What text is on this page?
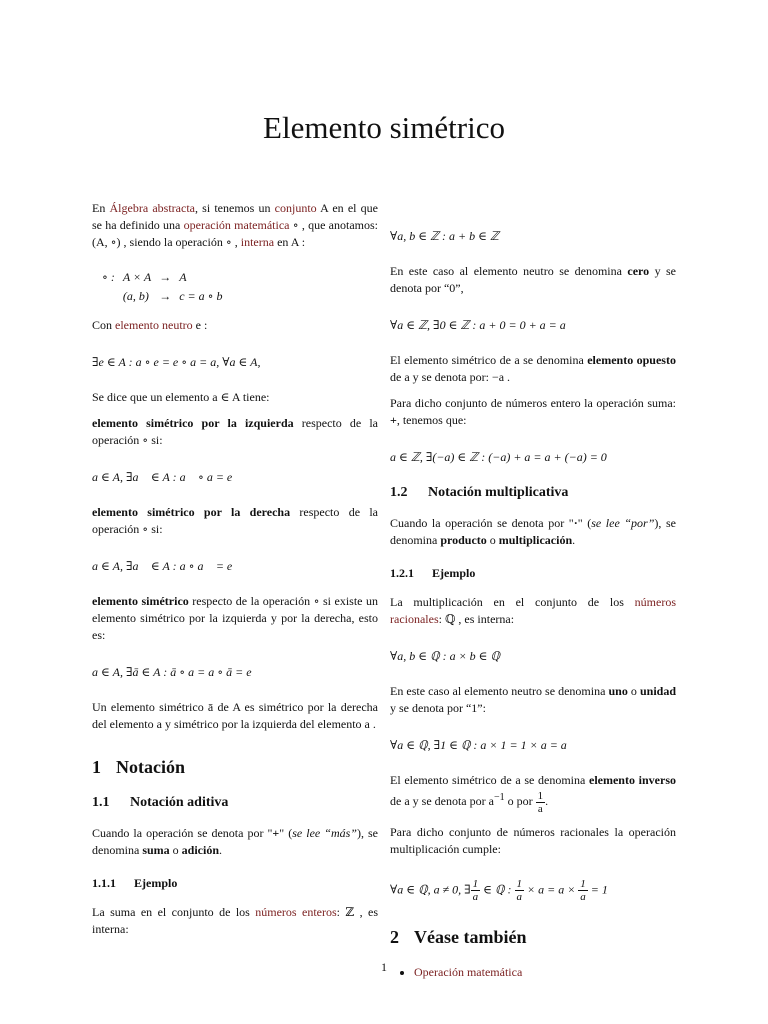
Elemento simétrico

En Álgebra abstracta, si tenemos un conjunto A en el que se ha definido una operación matemática ∘ , que anotamos: (A, ∘) , siendo la operación ∘ , interna en A :

∘ :	A × A	→	A
	(a, b)	→	c = a ∘ b

Con elemento neutro e :

∃e ∈ A : a ∘ e = e ∘ a = a, ∀a ∈ A,

Se dice que un elemento a ∈ A tiene:

elemento simétrico por la izquierda respecto de la operación ∘ si:

a ∈ A, ∃a⃗ ∈ A : a⃗ ∘ a = e

elemento simétrico por la derecha respecto de la operación ∘ si:

a ∈ A, ∃a⃖ ∈ A : a ∘ a⃖ = e

elemento simétrico respecto de la operación ∘ si existe un elemento simétrico por la izquierda y por la derecha, esto es:

a ∈ A, ∃ā ∈ A : ā ∘ a = a ∘ ā = e

Un elemento simétrico ā de A es simétrico por la derecha del elemento a y simétrico por la izquierda del elemento a .

1 Notación
1.1 Notación aditiva

Cuando la operación se denota por "+" (se lee “más”), se denomina suma o adición.

1.1.1 Ejemplo

La suma en el conjunto de los números enteros: ℤ , es interna:

∀a, b ∈ ℤ : a + b ∈ ℤ

En este caso al elemento neutro se denomina cero y se denota por “0”,

∀a ∈ ℤ, ∃0 ∈ ℤ : a + 0 = 0 + a = a

El elemento simétrico de a se denomina elemento opuesto de a y se denota por: −a .

Para dicho conjunto de números entero la operación suma: +, tenemos que:

a ∈ ℤ, ∃(−a) ∈ ℤ : (−a) + a = a + (−a) = 0
1.2 Notación multiplicativa

Cuando la operación se denota por "·" (se lee “por”), se denomina producto o multiplicación.

1.2.1 Ejemplo

La multiplicación en el conjunto de los números racionales: ℚ , es interna:

∀a, b ∈ ℚ : a × b ∈ ℚ

En este caso al elemento neutro se denomina uno o unidad y se denota por “1”:

∀a ∈ ℚ, ∃1 ∈ ℚ : a × 1 = 1 × a = a

El elemento simétrico de a se denomina elemento inverso de a y se denota por $a^{-1}$ o por $\frac{1}{a}$ .

Para dicho conjunto de números racionales la operación multiplicación cumple:

∀a ∈ ℚ, a ≠ 0, ∃ $\frac{1}{a}$ ∈ ℚ : $\frac{1}{a} \times a = a \times \frac{1}{a} = 1$
2 Véase también
• Operación matemática
1
